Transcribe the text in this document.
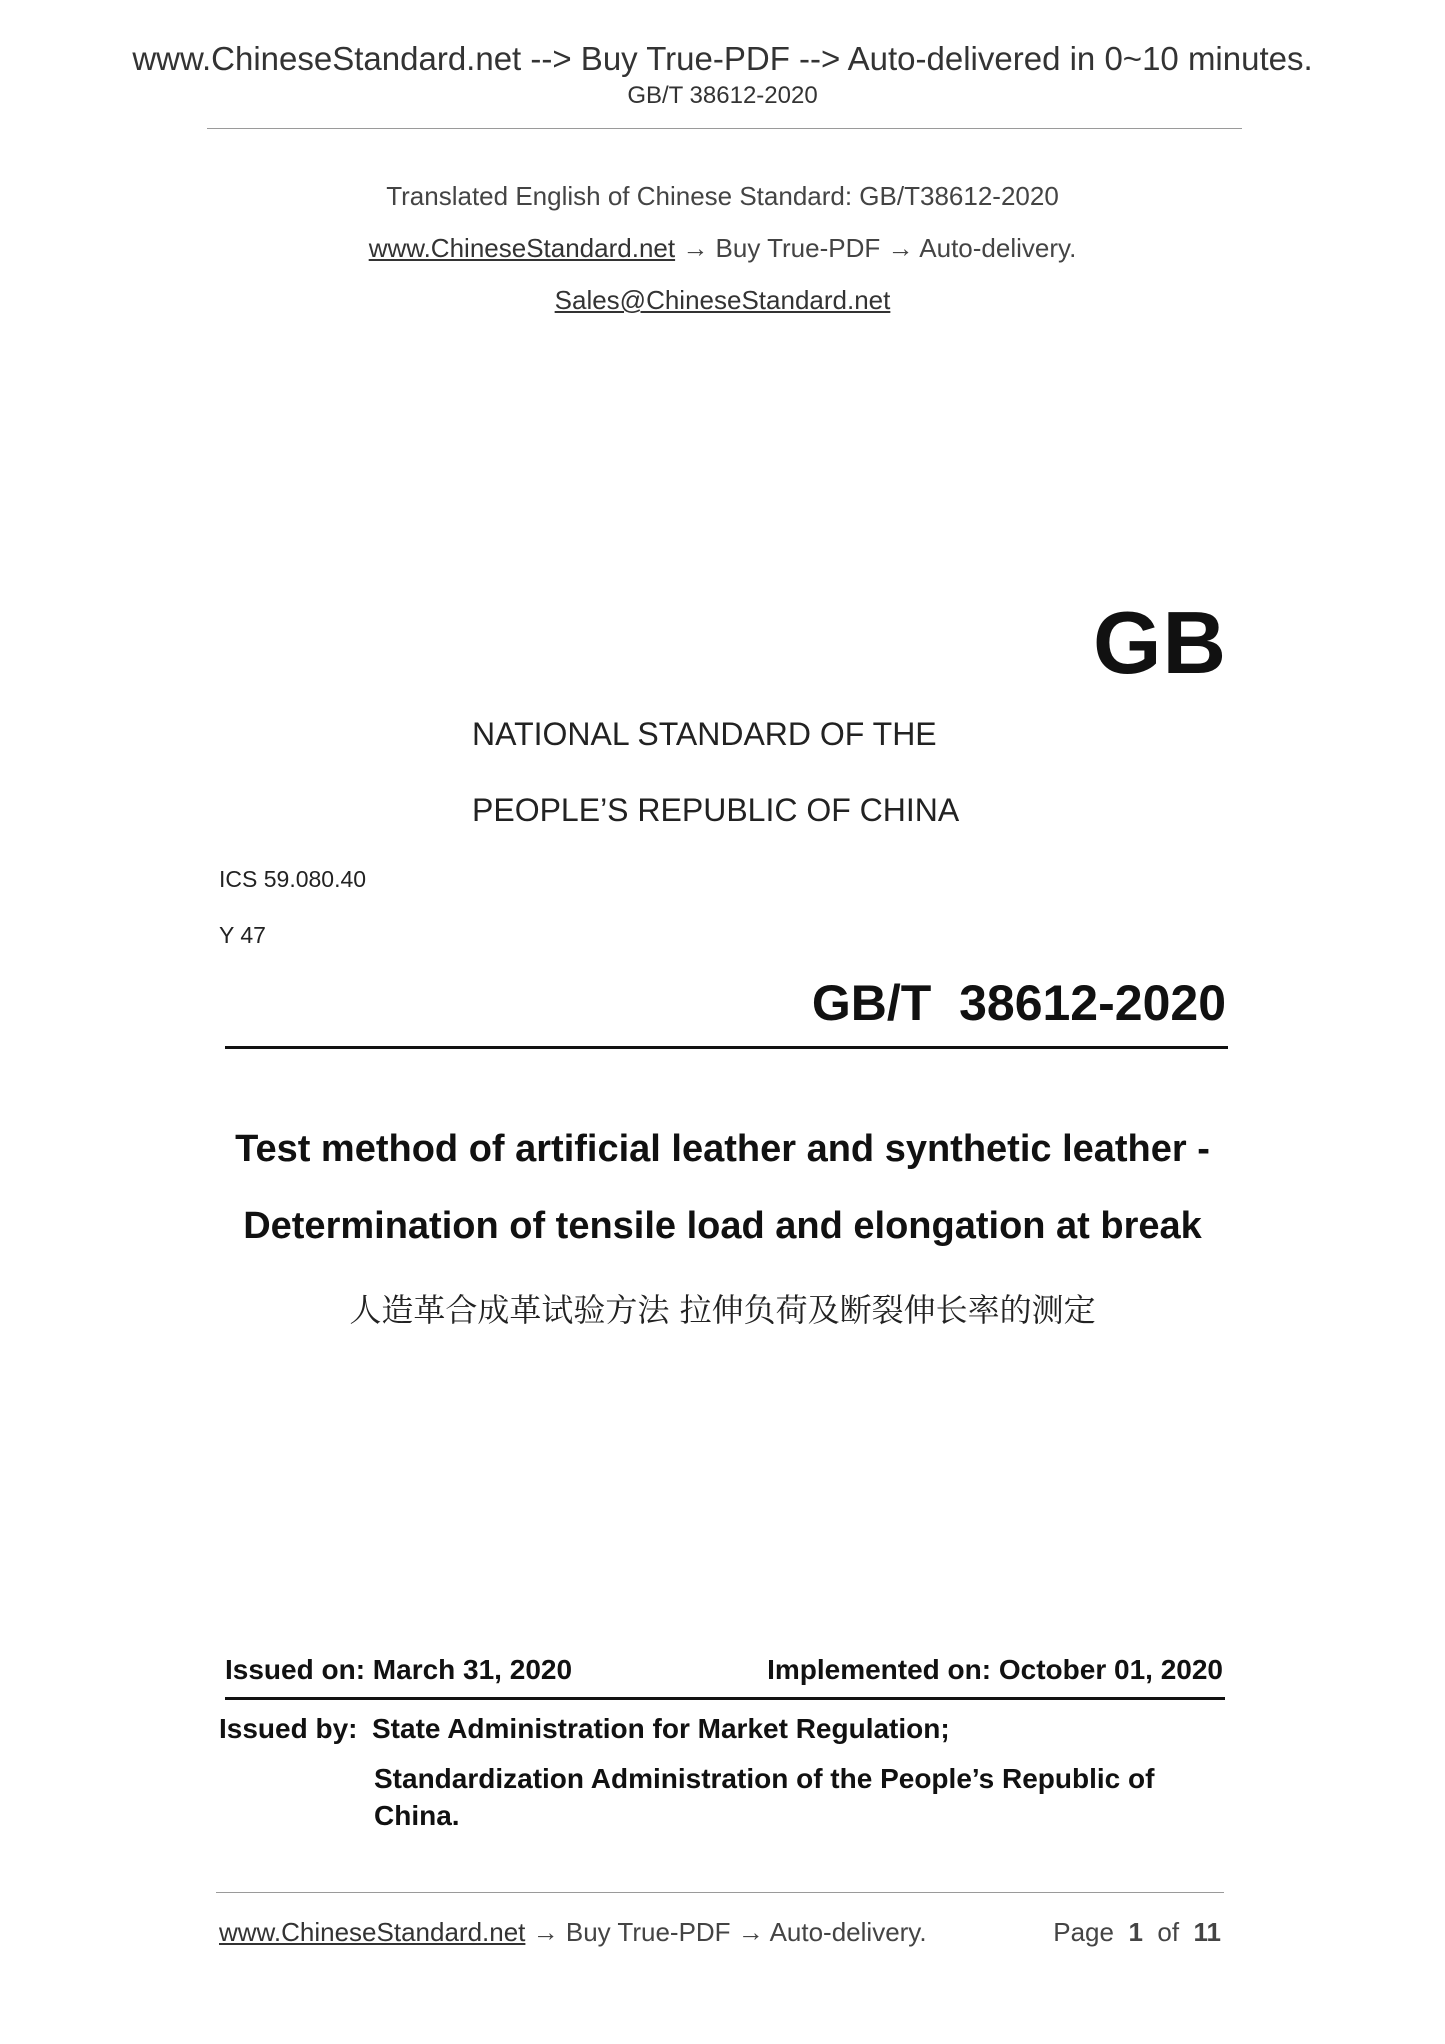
www.ChineseStandard.net --> Buy True-PDF --> Auto-delivered in 0~10 minutes.
GB/T 38612-2020
Translated English of Chinese Standard: GB/T38612-2020
www.ChineseStandard.net → Buy True-PDF → Auto-delivery.
Sales@ChineseStandard.net
GB
NATIONAL STANDARD OF THE
PEOPLE’S REPUBLIC OF CHINA
ICS 59.080.40
Y 47
GB/T  38612-2020
Test method of artificial leather and synthetic leather -
Determination of tensile load and elongation at break
人造革合成革试验方法 拉伸负荷及断裂伸长率的测定
Issued on: March 31, 2020	Implemented on: October 01, 2020
Issued by: State Administration for Market Regulation;
Standardization Administration of the People’s Republic of China.
www.ChineseStandard.net → Buy True-PDF → Auto-delivery.	Page 1 of 11
